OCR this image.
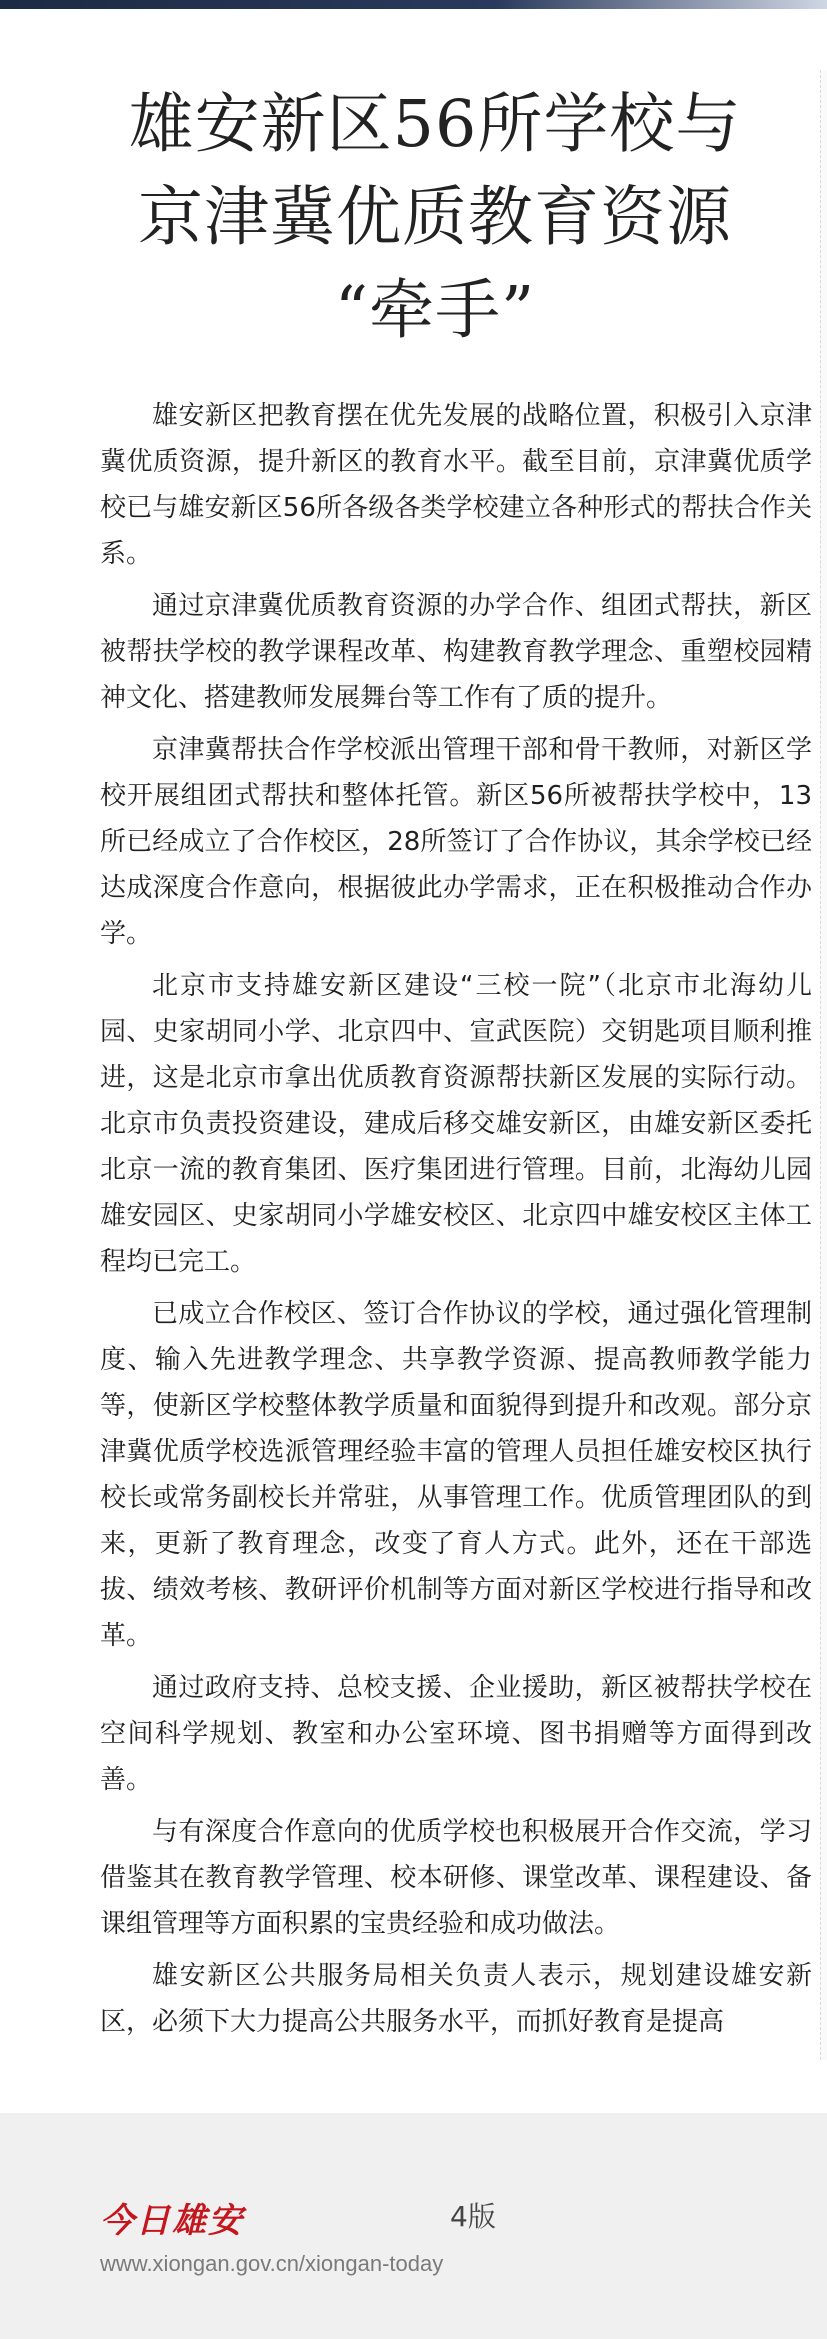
雄安新区56所学校与
京津冀优质教育资源
“牵手”

雄安新区把教育摆在优先发展的战略位置，积极引入京津冀优质资源，提升新区的教育水平。截至目前，京津冀优质学校已与雄安新区56所各级各类学校建立各种形式的帮扶合作关系。

通过京津冀优质教育资源的办学合作、组团式帮扶，新区被帮扶学校的教学课程改革、构建教育教学理念、重塑校园精神文化、搭建教师发展舞台等工作有了质的提升。

京津冀帮扶合作学校派出管理干部和骨干教师，对新区学校开展组团式帮扶和整体托管。新区56所被帮扶学校中，13所已经成立了合作校区，28所签订了合作协议，其余学校已经达成深度合作意向，根据彼此办学需求，正在积极推动合作办学。

北京市支持雄安新区建设“三校一院”（北京市北海幼儿园、史家胡同小学、北京四中、宣武医院）交钥匙项目顺利推进，这是北京市拿出优质教育资源帮扶新区发展的实际行动。北京市负责投资建设，建成后移交雄安新区，由雄安新区委托北京一流的教育集团、医疗集团进行管理。目前，北海幼儿园雄安园区、史家胡同小学雄安校区、北京四中雄安校区主体工程均已完工。

已成立合作校区、签订合作协议的学校，通过强化管理制度、输入先进教学理念、共享教学资源、提高教师教学能力等，使新区学校整体教学质量和面貌得到提升和改观。部分京津冀优质学校选派管理经验丰富的管理人员担任雄安校区执行校长或常务副校长并常驻，从事管理工作。优质管理团队的到来，更新了教育理念，改变了育人方式。此外，还在干部选拔、绩效考核、教研评价机制等方面对新区学校进行指导和改革。

通过政府支持、总校支援、企业援助，新区被帮扶学校在空间科学规划、教室和办公室环境、图书捐赠等方面得到改善。

与有深度合作意向的优质学校也积极展开合作交流，学习借鉴其在教育教学管理、校本研修、课堂改革、课程建设、备课组管理等方面积累的宝贵经验和成功做法。

雄安新区公共服务局相关负责人表示，规划建设雄安新区，必须下大力提高公共服务水平，而抓好教育是提高

今日雄安	4版
www.xiongan.gov.cn/xiongan-today
